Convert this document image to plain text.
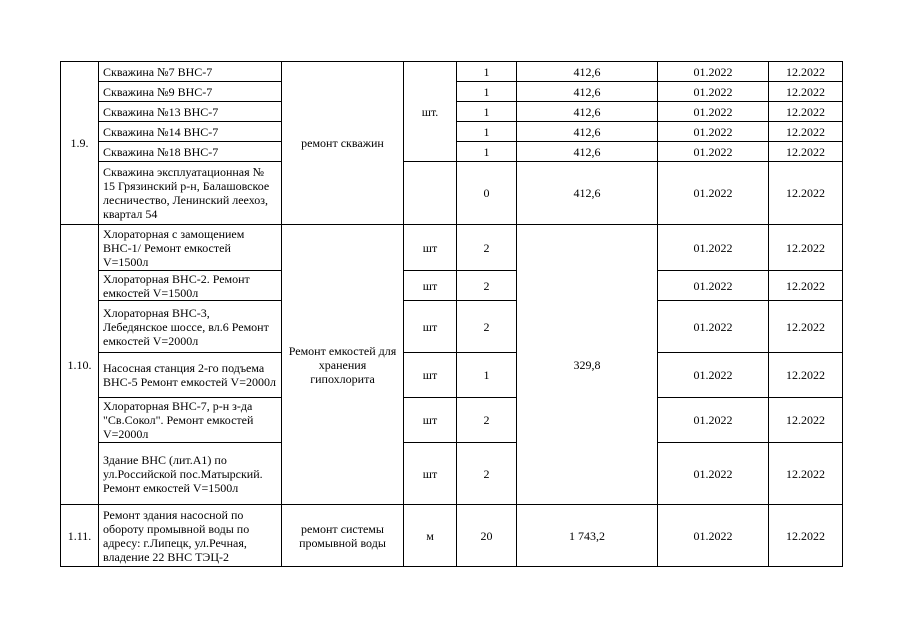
1.9.	Скважина №7 ВНС-7	ремонт скважин	шт.	1	412,6	01.2022	12.2022
	Скважина №9 ВНС-7			1	412,6	01.2022	12.2022
	Скважина №13 ВНС-7			1	412,6	01.2022	12.2022
	Скважина №14 ВНС-7			1	412,6	01.2022	12.2022
	Скважина №18 ВНС-7			1	412,6	01.2022	12.2022
	Скважина эксплуатационная № 15 Грязинский р-н, Балашовское лесничество, Ленинский леехоз, квартал 54			0	412,6	01.2022	12.2022
1.10.	Хлораторная с замощением ВНС-1/ Ремонт емкостей V=1500л	Ремонт емкостей для хранения гипохлорита	шт	2	329,8	01.2022	12.2022
	Хлораторная ВНС-2. Ремонт емкостей V=1500л		шт	2		01.2022	12.2022
	Хлораторная ВНС-3, Лебедянское шоссе, вл.6 Ремонт емкостей V=2000л		шт	2		01.2022	12.2022
	Насосная станция 2-го подъема ВНС-5 Ремонт емкостей V=2000л		шт	1		01.2022	12.2022
	Хлораторная ВНС-7, р-н з-да "Св.Сокол". Ремонт емкостей V=2000л		шт	2		01.2022	12.2022
	Здание ВНС (лит.А1) по ул.Российской пос.Матырский. Ремонт емкостей V=1500л		шт	2		01.2022	12.2022
1.11.	Ремонт здания насосной по обороту промывной воды по адресу: г.Липецк, ул.Речная, владение 22 ВНС ТЭЦ-2	ремонт системы промывной воды	м	20	1 743,2	01.2022	12.2022
